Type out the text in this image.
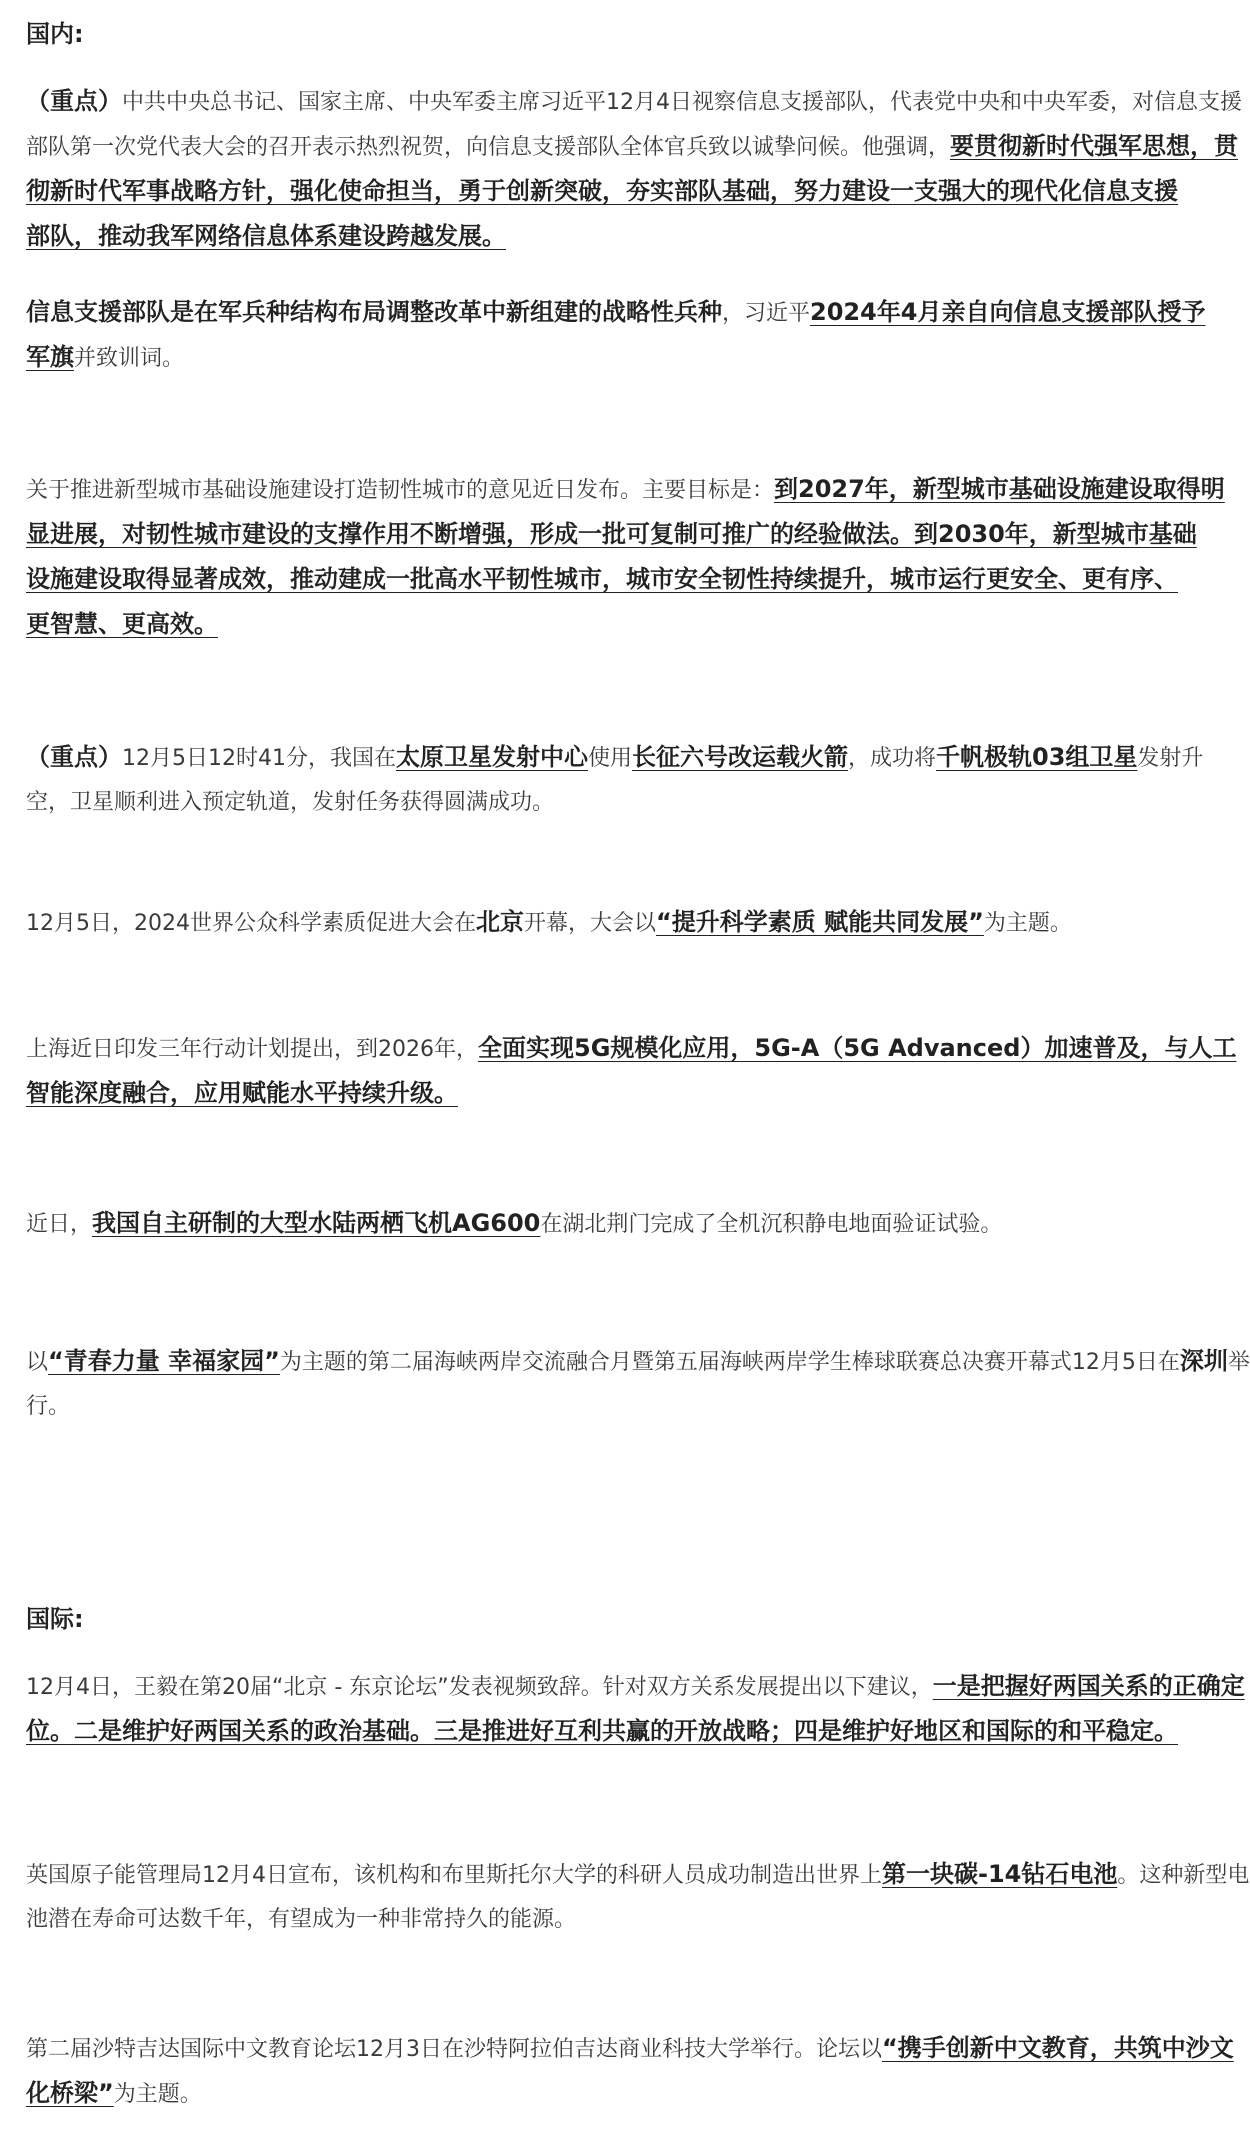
国内:
（重点）中共中央总书记、国家主席、中央军委主席习近平12月4日视察信息支援部队，代表党中央和中央军委，对信息支援
部队第一次党代表大会的召开表示热烈祝贺，向信息支援部队全体官兵致以诚挚问候。他强调，要贯彻新时代强军思想，贯
彻新时代军事战略方针，强化使命担当，勇于创新突破，夯实部队基础，努力建设一支强大的现代化信息支援
部队，推动我军网络信息体系建设跨越发展。
信息支援部队是在军兵种结构布局调整改革中新组建的战略性兵种，习近平2024年4月亲自向信息支援部队授予
军旗并致训词。
关于推进新型城市基础设施建设打造韧性城市的意见近日发布。主要目标是：到2027年，新型城市基础设施建设取得明
显进展，对韧性城市建设的支撑作用不断增强，形成一批可复制可推广的经验做法。到2030年，新型城市基础
设施建设取得显著成效，推动建成一批高水平韧性城市，城市安全韧性持续提升，城市运行更安全、更有序、
更智慧、更高效。
（重点）12月5日12时41分，我国在太原卫星发射中心使用长征六号改运载火箭，成功将千帆极轨03组卫星发射升
空，卫星顺利进入预定轨道，发射任务获得圆满成功。
12月5日，2024世界公众科学素质促进大会在北京开幕，大会以“提升科学素质 赋能共同发展”为主题。
上海近日印发三年行动计划提出，到2026年，全面实现5G规模化应用，5G-A（5G Advanced）加速普及，与人工
智能深度融合，应用赋能水平持续升级。
近日，我国自主研制的大型水陆两栖飞机AG600在湖北荆门完成了全机沉积静电地面验证试验。
以“青春力量 幸福家园”为主题的第二届海峡两岸交流融合月暨第五届海峡两岸学生棒球联赛总决赛开幕式12月5日在深圳举
行。
国际:
12月4日，王毅在第20届“北京 - 东京论坛”发表视频致辞。针对双方关系发展提出以下建议，一是把握好两国关系的正确定
位。二是维护好两国关系的政治基础。三是推进好互利共赢的开放战略；四是维护好地区和国际的和平稳定。
英国原子能管理局12月4日宣布，该机构和布里斯托尔大学的科研人员成功制造出世界上第一块碳-14钻石电池。这种新型电
池潜在寿命可达数千年，有望成为一种非常持久的能源。
第二届沙特吉达国际中文教育论坛12月3日在沙特阿拉伯吉达商业科技大学举行。论坛以“携手创新中文教育，共筑中沙文
化桥梁”为主题。
